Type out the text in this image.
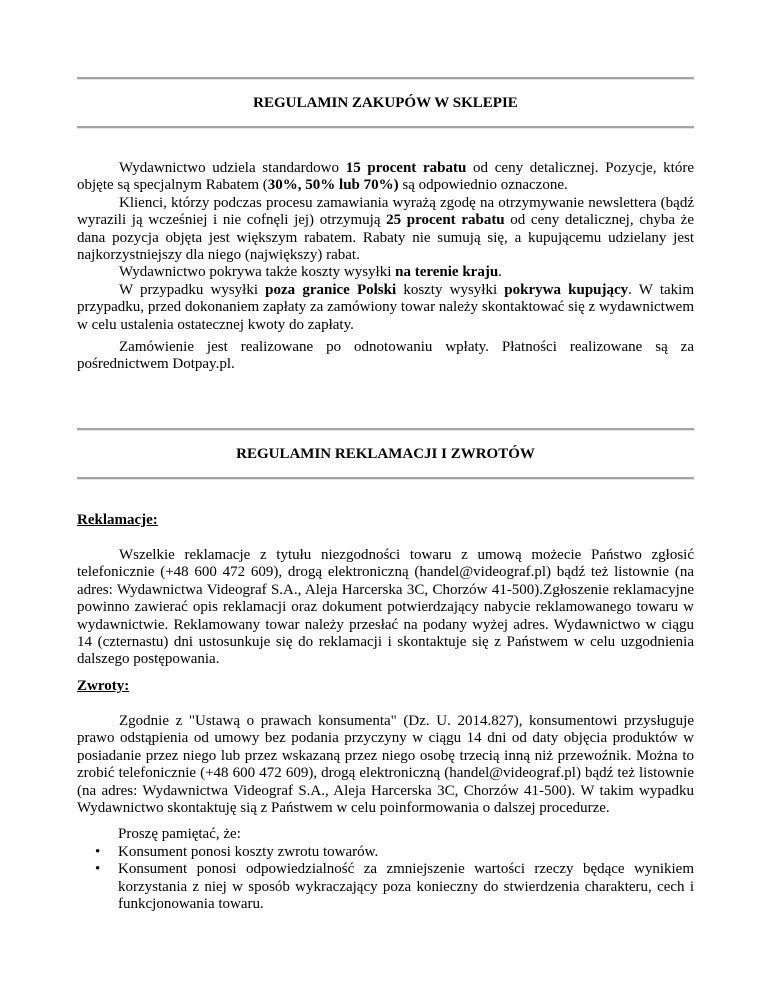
REGULAMIN ZAKUPÓW W SKLEPIE

Wydawnictwo udziela standardowo 15 procent rabatu od ceny detalicznej. Pozycje, które objęte są specjalnym Rabatem (30%, 50% lub 70%) są odpowiednio oznaczone.

Klienci, którzy podczas procesu zamawiania wyrażą zgodę na otrzymywanie newslettera (bądź wyrazili ją wcześniej i nie cofnęli jej) otrzymują 25 procent rabatu od ceny detalicznej, chyba że dana pozycja objęta jest większym rabatem. Rabaty nie sumują się, a kupującemu udzielany jest najkorzystniejszy dla niego (największy) rabat.

Wydawnictwo pokrywa także koszty wysyłki na terenie kraju.

W przypadku wysyłki poza granice Polski koszty wysyłki pokrywa kupujący. W takim przypadku, przed dokonaniem zapłaty za zamówiony towar należy skontaktować się z wydawnictwem w celu ustalenia ostatecznej kwoty do zapłaty.

Zamówienie jest realizowane po odnotowaniu wpłaty. Płatności realizowane są za pośrednictwem Dotpay.pl.

REGULAMIN REKLAMACJI I ZWROTÓW

Reklamacje:

Wszelkie reklamacje z tytułu niezgodności towaru z umową możecie Państwo zgłosić telefonicznie (+48 600 472 609), drogą elektroniczną (handel@videograf.pl) bądź też listownie (na adres: Wydawnictwa Videograf S.A., Aleja Harcerska 3C, Chorzów 41-500).Zgłoszenie reklamacyjne powinno zawierać opis reklamacji oraz dokument potwierdzający nabycie reklamowanego towaru w wydawnictwie. Reklamowany towar należy przesłać na podany wyżej adres. Wydawnictwo w ciągu 14 (czternastu) dni ustosunkuje się do reklamacji i skontaktuje się z Państwem w celu uzgodnienia dalszego postępowania.

Zwroty:

Zgodnie z "Ustawą o prawach konsumenta" (Dz. U. 2014.827), konsumentowi przysługuje prawo odstąpienia od umowy bez podania przyczyny w ciągu 14 dni od daty objęcia produktów w posiadanie przez niego lub przez wskazaną przez niego osobę trzecią inną niż przewoźnik. Można to zrobić telefonicznie (+48 600 472 609), drogą elektroniczną (handel@videograf.pl) bądź też listownie (na adres: Wydawnictwa Videograf S.A., Aleja Harcerska 3C, Chorzów 41-500). W takim wypadku Wydawnictwo skontaktuję sią z Państwem w celu poinformowania o dalszej procedurze.

Proszę pamiętać, że:

• Konsument ponosi koszty zwrotu towarów.
• Konsument ponosi odpowiedzialność za zmniejszenie wartości rzeczy będące wynikiem korzystania z niej w sposób wykraczający poza konieczny do stwierdzenia charakteru, cech i funkcjonowania towaru.
